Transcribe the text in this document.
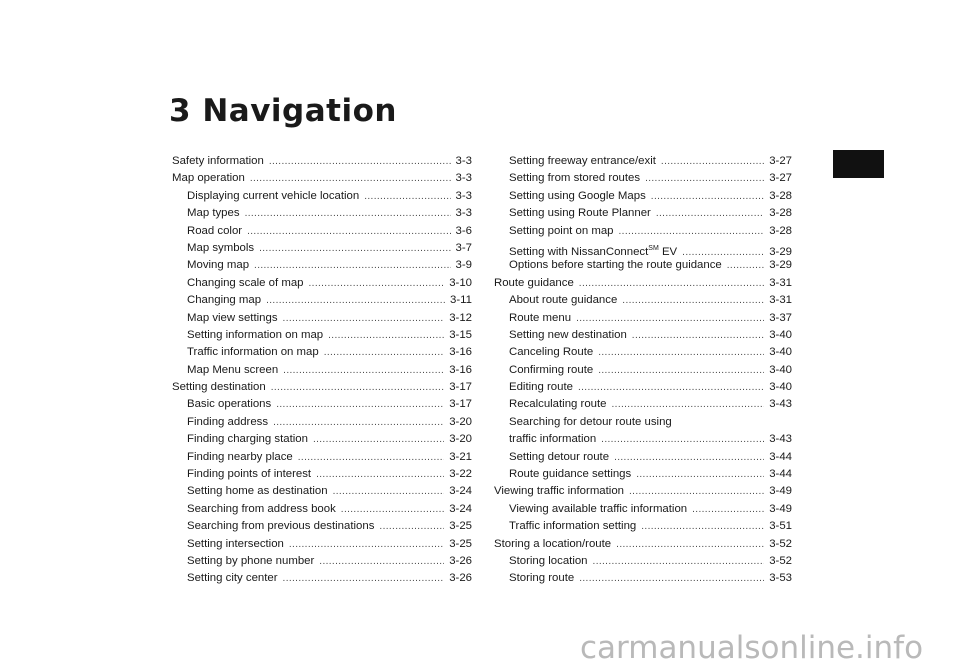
3 Navigation
Safety information . . .	3-3
Map operation . . .	3-3
Displaying current vehicle location . . .	3-3
Map types . . .	3-3
Road color . . .	3-6
Map symbols . . .	3-7
Moving map . . .	3-9
Changing scale of map . . .	3-10
Changing map . . .	3-11
Map view settings . . .	3-12
Setting information on map . . .	3-15
Traffic information on map . . .	3-16
Map Menu screen . . .	3-16
Setting destination . . .	3-17
Basic operations . . .	3-17
Finding address . . .	3-20
Finding charging station . . .	3-20
Finding nearby place . . .	3-21
Finding points of interest . . .	3-22
Setting home as destination . . .	3-24
Searching from address book . . .	3-24
Searching from previous destinations . . .	3-25
Setting intersection . . .	3-25
Setting by phone number . . .	3-26
Setting city center . . .	3-26
Setting freeway entrance/exit . . .	3-27
Setting from stored routes . . .	3-27
Setting using Google Maps . . .	3-28
Setting using Route Planner . . .	3-28
Setting point on map . . .	3-28
Setting with NissanConnect℠ EV . . .	3-29
Options before starting the route guidance . . .	3-29
Route guidance . . .	3-31
About route guidance . . .	3-31
Route menu . . .	3-37
Setting new destination . . .	3-40
Canceling Route . . .	3-40
Confirming route . . .	3-40
Editing route . . .	3-40
Recalculating route . . .	3-43
Searching for detour route using
traffic information . . .	3-43
Setting detour route . . .	3-44
Route guidance settings . . .	3-44
Viewing traffic information . . .	3-49
Viewing available traffic information . . .	3-49
Traffic information setting . . .	3-51
Storing a location/route . . .	3-52
Storing location . . .	3-52
Storing route . . .	3-53
carmanualsonline.info
